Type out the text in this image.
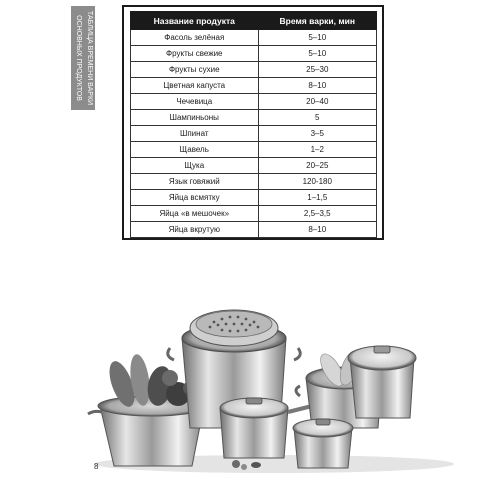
ТАБЛИЦА ВРЕМЕНИ ВАРКИ
ОСНОВНЫХ ПРОДУКТОВ	Название продукта	Время варки, мин
Фасоль зелёная	5–10
Фрукты свежие	5–10
Фрукты сухие	25–30
Цветная капуста	8–10
Чечевица	20–40
Шампиньоны	5
Шпинат	3–5
Щавель	1–2
Щука	20–25
Язык говяжий	120-180
Яйца всмятку	1–1,5
Яйца «в мешочек»	2,5–3,5
Яйца вкрутую	8–10
8
